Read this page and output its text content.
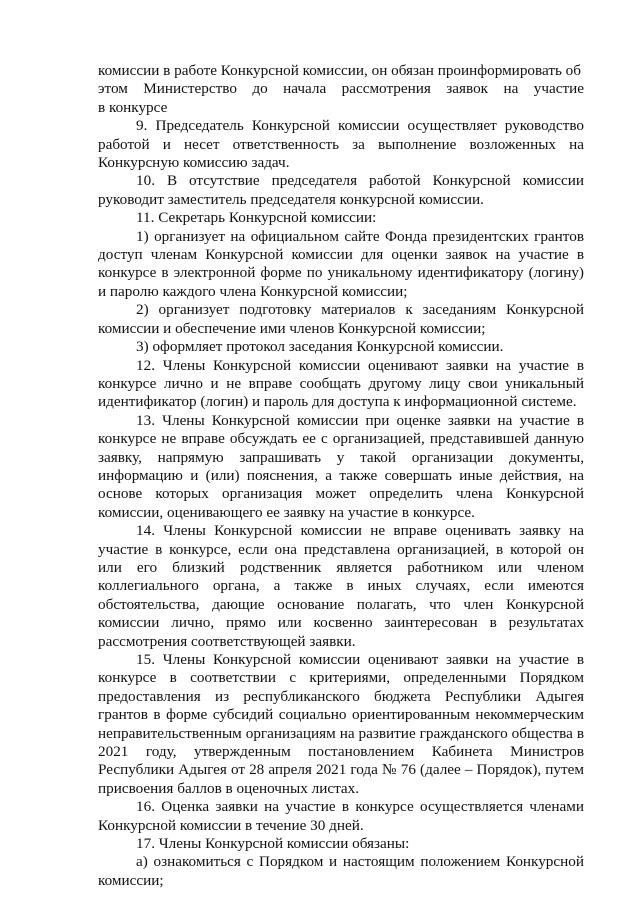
комиссии в работе Конкурсной комиссии, он обязан проинформировать об
этом Министерство до начала рассмотрения заявок на участие
в конкурсе

9. Председатель Конкурсной комиссии осуществляет руководство работой и несет ответственность за выполнение возложенных на Конкурсную комиссию задач.

10. В отсутствие председателя работой Конкурсной комиссии руководит заместитель председателя конкурсной комиссии.

11. Секретарь Конкурсной комиссии:

1) организует на официальном сайте Фонда президентских грантов доступ членам Конкурсной комиссии для оценки заявок на участие в конкурсе в электронной форме по уникальному идентификатору (логину) и паролю каждого члена Конкурсной комиссии;

2) организует подготовку материалов к заседаниям Конкурсной комиссии и обеспечение ими членов Конкурсной комиссии;

3) оформляет протокол заседания Конкурсной комиссии.

12. Члены Конкурсной комиссии оценивают заявки на участие в конкурсе лично и не вправе сообщать другому лицу свои уникальный идентификатор (логин) и пароль для доступа к информационной системе.

13. Члены Конкурсной комиссии при оценке заявки на участие в конкурсе не вправе обсуждать ее с организацией, представившей данную заявку, напрямую запрашивать у такой организации документы, информацию и (или) пояснения, а также совершать иные действия, на основе которых организация может определить члена Конкурсной комиссии, оценивающего ее заявку на участие в конкурсе.

14. Члены Конкурсной комиссии не вправе оценивать заявку на участие в конкурсе, если она представлена организацией, в которой он или его близкий родственник является работником или членом коллегиального органа, а также в иных случаях, если имеются обстоятельства, дающие основание полагать, что член Конкурсной комиссии лично, прямо или косвенно заинтересован в результатах рассмотрения соответствующей заявки.

15. Члены Конкурсной комиссии оценивают заявки на участие в конкурсе в соответствии с критериями, определенными Порядком предоставления из республиканского бюджета Республики Адыгея грантов в форме субсидий социально ориентированным некоммерческим неправительственным организациям на развитие гражданского общества в 2021 году, утвержденным постановлением Кабинета Министров Республики Адыгея от 28 апреля 2021 года № 76 (далее – Порядок), путем присвоения баллов в оценочных листах.

16. Оценка заявки на участие в конкурсе осуществляется членами Конкурсной комиссии в течение 30 дней.

17. Члены Конкурсной комиссии обязаны:

а) ознакомиться с Порядком и настоящим положением Конкурсной комиссии;
